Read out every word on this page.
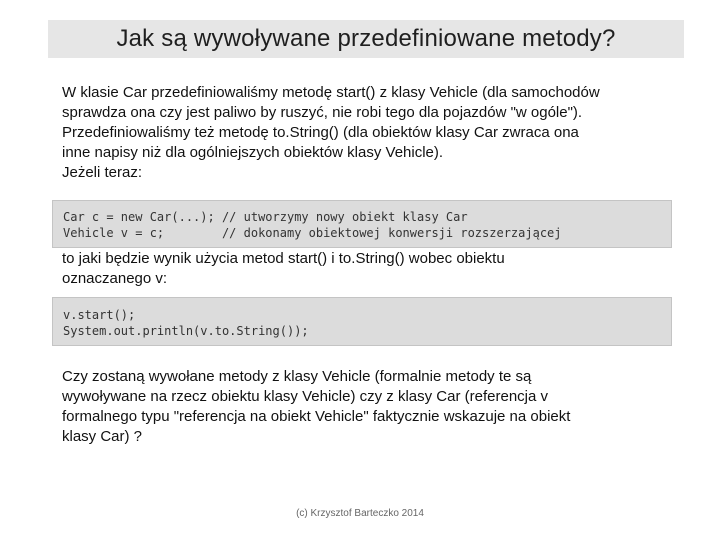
Jak są wywoływane przedefiniowane metody?

W klasie Car przedefiniowaliśmy metodę start() z klasy Vehicle (dla samochodów

sprawdza ona czy jest paliwo by ruszyć, nie robi tego dla pojazdów "w ogóle").

Przedefiniowaliśmy też metodę to.String() (dla obiektów klasy Car zwraca ona

inne napisy niż dla ogólniejszych obiektów klasy Vehicle).

Jeżeli teraz:

Car c = new Car(...); // utworzymy nowy obiekt klasy Car
Vehicle v = c;        // dokonamy obiektowej konwersji rozszerzającej

to jaki będzie wynik użycia metod start() i to.String() wobec obiektu

oznaczanego v:

v.start();
System.out.println(v.to.String());

Czy zostaną wywołane metody z klasy Vehicle (formalnie metody te są

wywoływane na rzecz obiektu klasy Vehicle) czy z klasy Car (referencja v

formalnego typu "referencja na obiekt Vehicle" faktycznie wskazuje na obiekt

klasy Car) ?

(c) Krzysztof Barteczko 2014
